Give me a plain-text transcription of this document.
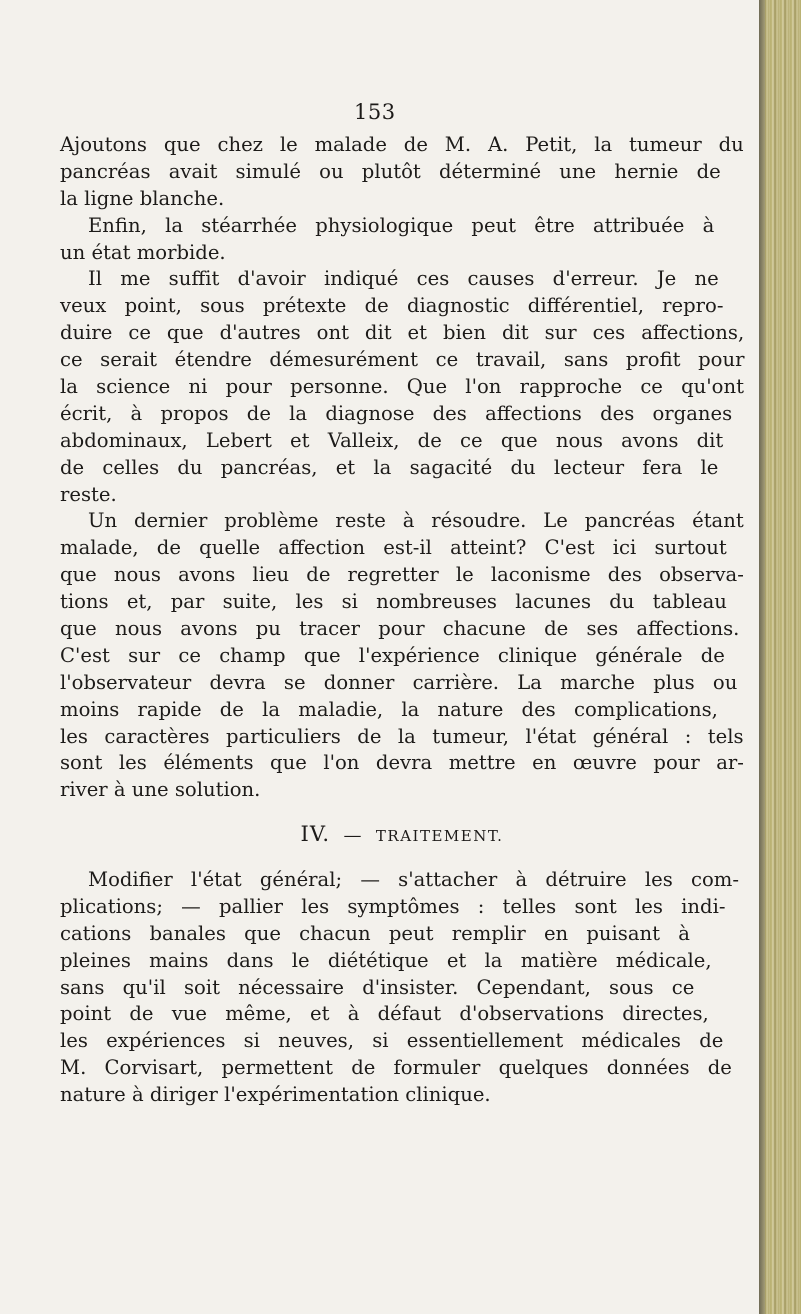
153
Ajoutons que chez le malade de M. A. Petit, la tumeur du
pancréas avait simulé ou plutôt déterminé une hernie de
la ligne blanche.
Enfin, la stéarrhée physiologique peut être attribuée à
un état morbide.
Il me suffit d'avoir indiqué ces causes d'erreur. Je ne
veux point, sous prétexte de diagnostic différentiel, repro-
duire ce que d'autres ont dit et bien dit sur ces affections,
ce serait étendre démesurément ce travail, sans profit pour
la science ni pour personne. Que l'on rapproche ce qu'ont
écrit, à propos de la diagnose des affections des organes
abdominaux, Lebert et Valleix, de ce que nous avons dit
de celles du pancréas, et la sagacité du lecteur fera le
reste.
Un dernier problème reste à résoudre. Le pancréas étant
malade, de quelle affection est-il atteint? C'est ici surtout
que nous avons lieu de regretter le laconisme des observa-
tions et, par suite, les si nombreuses lacunes du tableau
que nous avons pu tracer pour chacune de ses affections.
C'est sur ce champ que l'expérience clinique générale de
l'observateur devra se donner carrière. La marche plus ou
moins rapide de la maladie, la nature des complications,
les caractères particuliers de la tumeur, l'état général : tels
sont les éléments que l'on devra mettre en œuvre pour ar-
river à une solution.
IV. — TRAITEMENT.
Modifier l'état général; — s'attacher à détruire les com-
plications; — pallier les symptômes : telles sont les indi-
cations banales que chacun peut remplir en puisant à
pleines mains dans le diététique et la matière médicale,
sans qu'il soit nécessaire d'insister. Cependant, sous ce
point de vue même, et à défaut d'observations directes,
les expériences si neuves, si essentiellement médicales de
M. Corvisart, permettent de formuler quelques données de
nature à diriger l'expérimentation clinique.
